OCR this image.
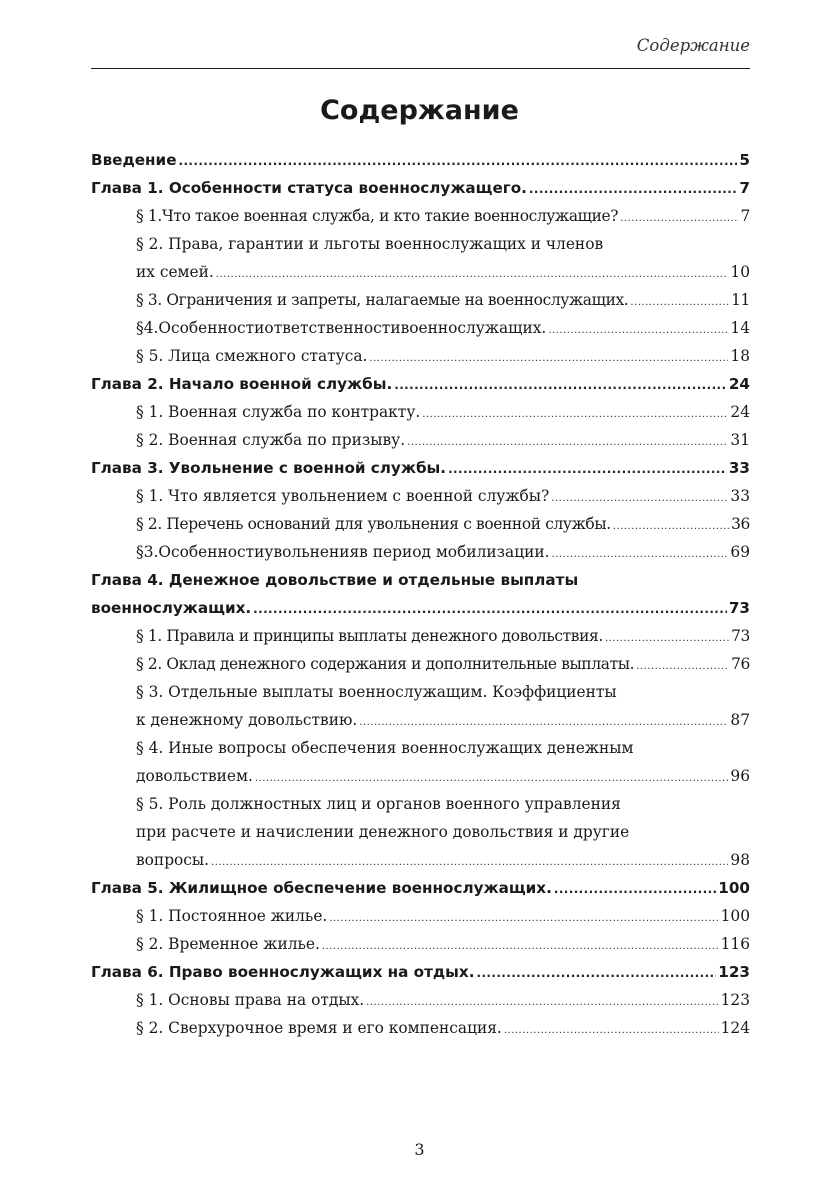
Содержание
Содержание
Введение .....	5
Глава 1. Особенности статуса военнослужащего. .....	7
§ 1.Что такое военная служба, и кто такие военнослужащие? .....	7
§ 2. Права, гарантии и льготы военнослужащих и членов
их семей. .....	10
§ 3. Ограничения и запреты, налагаемые на военнослужащих. .....	11
§4.Особенностиответственностивоеннослужащих. .....	14
§ 5. Лица смежного статуса. .....	18
Глава 2. Начало военной службы. .....	24
§ 1. Военная служба по контракту. .....	24
§ 2. Военная служба по призыву. .....	31
Глава 3. Увольнение с военной службы. .....	33
§ 1. Что является увольнением с военной службы? .....	33
§ 2. Перечень оснований для увольнения с военной службы. .....	36
§3.Особенностиувольненияв период мобилизации. .....	69
Глава 4. Денежное довольствие и отдельные выплаты
военнослужащих. .....	73
§ 1. Правила и принципы выплаты денежного довольствия. .....	73
§ 2. Оклад денежного содержания и дополнительные выплаты. .....	76
§ 3. Отдельные выплаты военнослужащим. Коэффициенты
к денежному довольствию. .....	87
§ 4. Иные вопросы обеспечения военнослужащих денежным
довольствием. .....	96
§ 5. Роль должностных лиц и органов военного управления
при расчете и начислении денежного довольствия и другие
вопросы. .....	98
Глава 5. Жилищное обеспечение военнослужащих. .....	100
§ 1. Постоянное жилье. .....	100
§ 2. Временное жилье. .....	116
Глава 6. Право военнослужащих на отдых. .....	123
§ 1. Основы права на отдых. .....	123
§ 2. Сверхурочное время и его компенсация. .....	124
3
